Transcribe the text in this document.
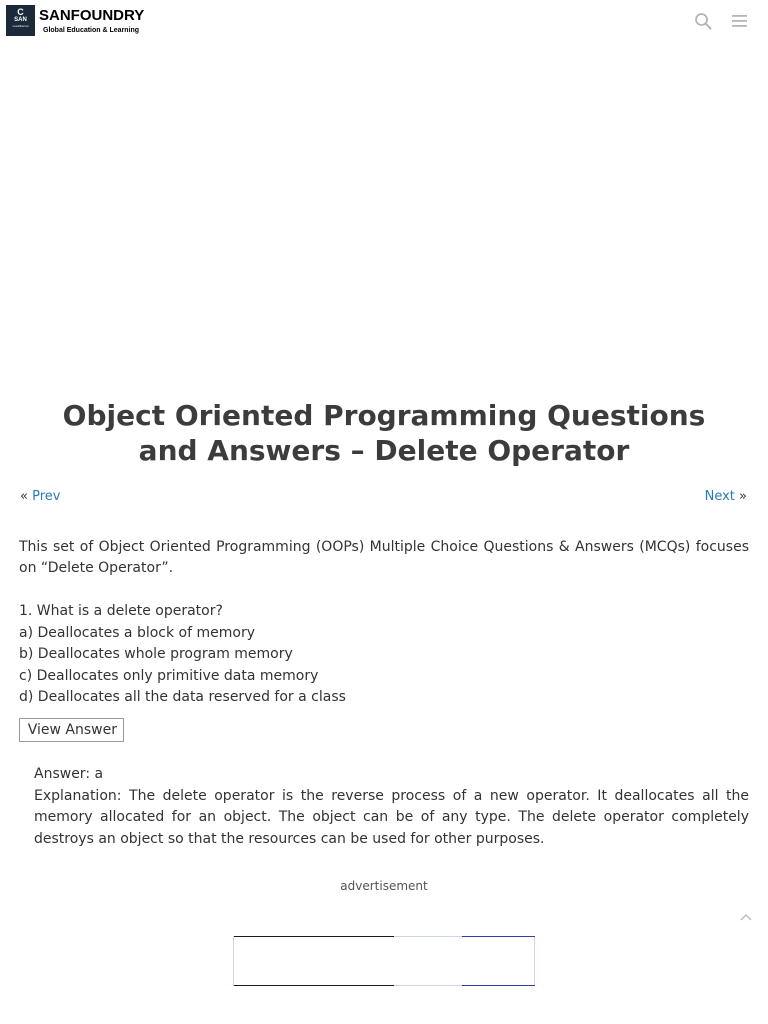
C
SAN
LocalKernel
SANFOUNDRY
Global Education & Learning
Object Oriented Programming Questions and Answers – Delete Operator
« Prev	Next »

This set of Object Oriented Programming (OOPs) Multiple Choice Questions & Answers (MCQs) focuses on “Delete Operator”.

1. What is a delete operator?
a) Deallocates a block of memory
b) Deallocates whole program memory
c) Deallocates only primitive data memory
d) Deallocates all the data reserved for a class
View Answer
Answer: a
Explanation: The delete operator is the reverse process of a new operator. It deallocates all the memory allocated for an object. The object can be of any type. The delete operator completely destroys an object so that the resources can be used for other purposes.
advertisement
